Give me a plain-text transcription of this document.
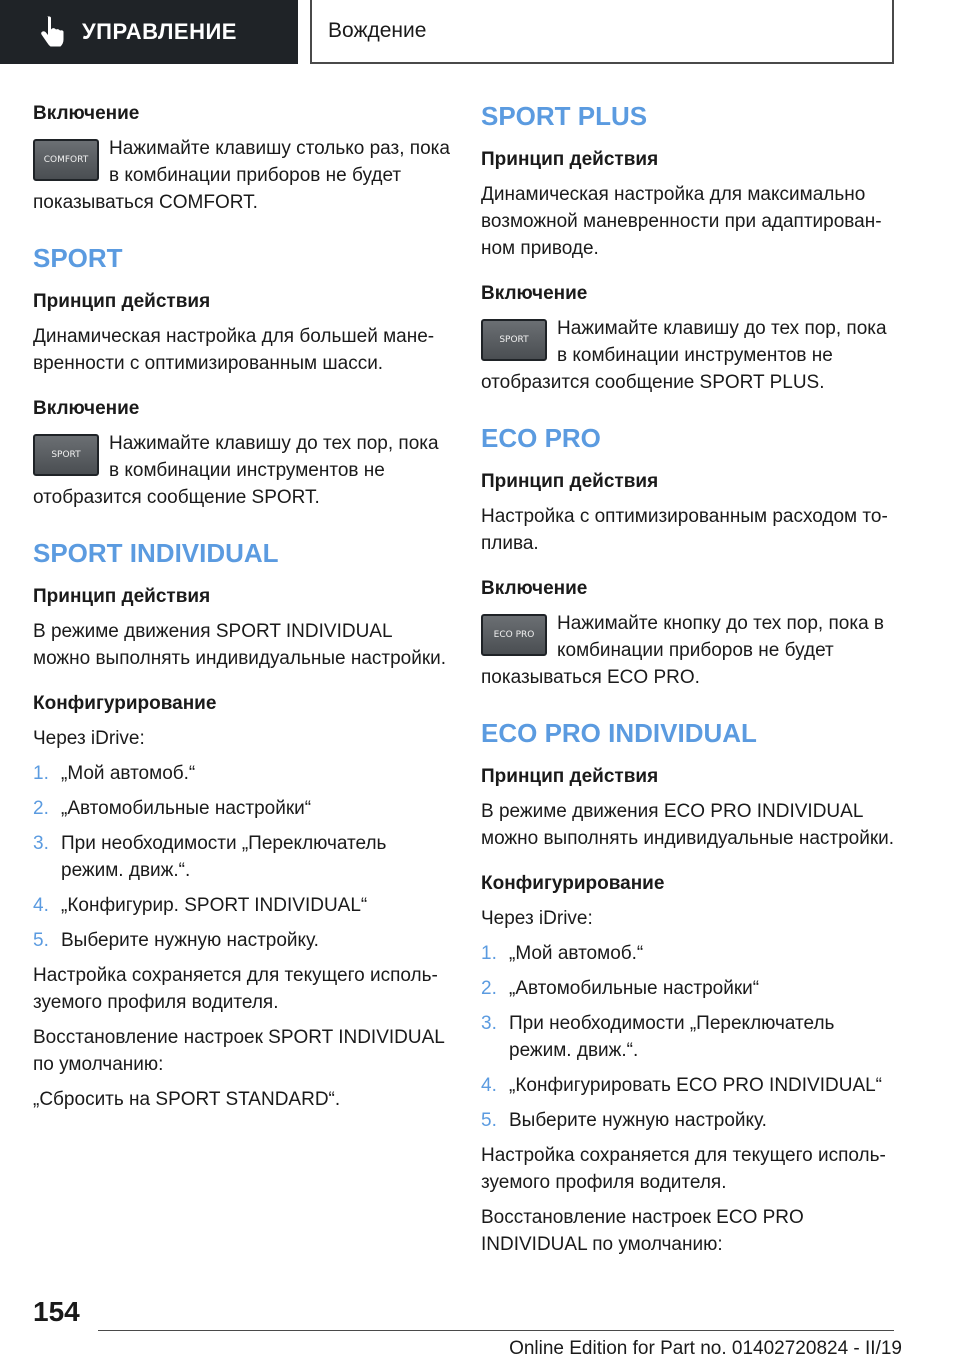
УПРАВЛЕНИЕ	Вождение
Включение
COMFORT
Нажимайте клавишу столько раз, пока в комбинации приборов не будет показываться COMFORT.
SPORT
Принцип действия
Динамическая настройка для большей маневренности с оптимизированным шасси.
Включение
SPORT
Нажимайте клавишу до тех пор, пока в комбинации инструментов не отобразится сообщение SPORT.
SPORT INDIVIDUAL
Принцип действия
В режиме движения SPORT INDIVIDUAL можно выполнять индивидуальные настройки.
Конфигурирование
Через iDrive:
1. „Мой автомоб.“
2. „Автомобильные настройки“
3. При необходимости „Переключатель режим. движ.“.
4. „Конфигурир. SPORT INDIVIDUAL“
5. Выберите нужную настройку.
Настройка сохраняется для текущего используемого профиля водителя.
Восстановление настроек SPORT INDIVIDUAL по умолчанию:
„Сбросить на SPORT STANDARD“.
SPORT PLUS
Принцип действия
Динамическая настройка для максимально возможной маневренности при адаптированном приводе.
Включение
SPORT
Нажимайте клавишу до тех пор, пока в комбинации инструментов не отобразится сообщение SPORT PLUS.
ECO PRO
Принцип действия
Настройка с оптимизированным расходом топлива.
Включение
ECO PRO
Нажимайте кнопку до тех пор, пока в комбинации приборов не будет показываться ECO PRO.
ECO PRO INDIVIDUAL
Принцип действия
В режиме движения ECO PRO INDIVIDUAL можно выполнять индивидуальные настройки.
Конфигурирование
Через iDrive:
1. „Мой автомоб.“
2. „Автомобильные настройки“
3. При необходимости „Переключатель режим. движ.“.
4. „Конфигурировать ECO PRO INDIVIDUAL“
5. Выберите нужную настройку.
Настройка сохраняется для текущего используемого профиля водителя.
Восстановление настроек ECO PRO INDIVIDUAL по умолчанию:
154
Online Edition for Part no. 01402720824 - II/19
